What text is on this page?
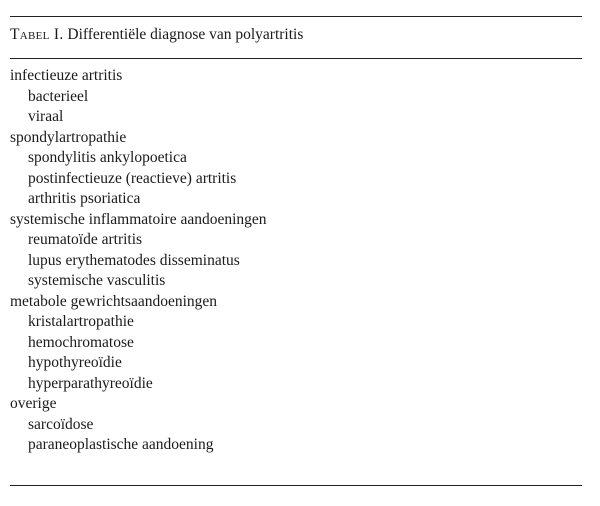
Tabel I. Differentiële diagnose van polyartritis
infectieuze artritis
bacterieel
viraal
spondylartropathie
spondylitis ankylopoetica
postinfectieuze (reactieve) artritis
arthritis psoriatica
systemische inflammatoire aandoeningen
reumatoïde artritis
lupus erythematodes disseminatus
systemische vasculitis
metabole gewrichtsaandoeningen
kristalartropathie
hemochromatose
hypothyreoïdie
hyperparathyreoïdie
overige
sarcoïdose
paraneoplastische aandoening
